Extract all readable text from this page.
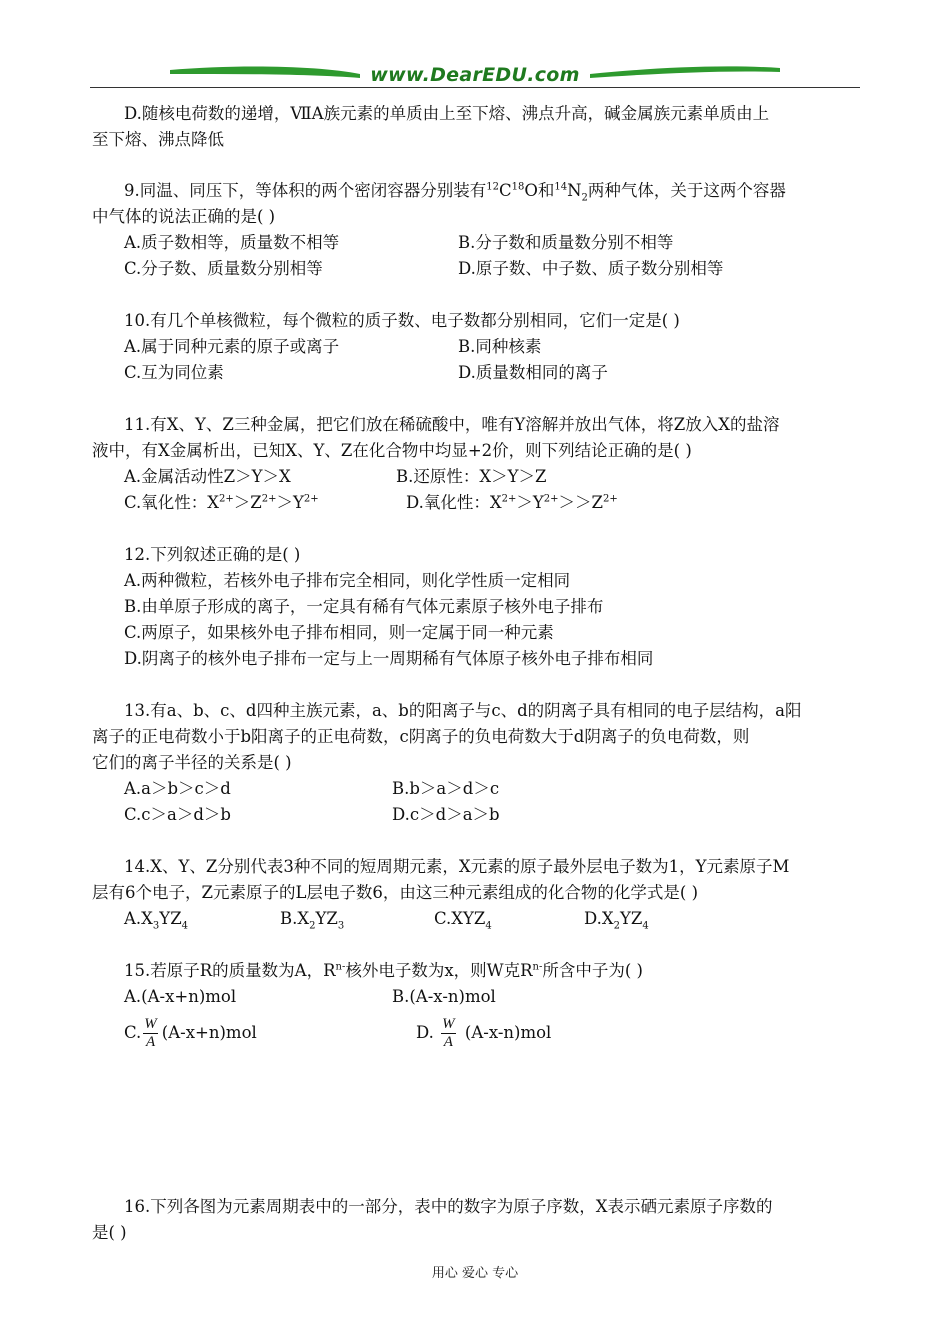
www.DearEDU.com
D.随核电荷数的递增，ⅦA族元素的单质由上至下熔、沸点升高，碱金属族元素单质由上
至下熔、沸点降低
9.同温、同压下，等体积的两个密闭容器分别装有$^{12}C^{18}O$和$^{14}N_2$两种气体，关于这两个容器
中气体的说法正确的是( )
A.质子数相等，质量数不相等	B.分子数和质量数分别不相等
C.分子数、质量数分别相等	D.原子数、中子数、质子数分别相等
10.有几个单核微粒，每个微粒的质子数、电子数都分别相同，它们一定是( )
A.属于同种元素的原子或离子	B.同种核素
C.互为同位素	D.质量数相同的离子
11.有X、Y、Z三种金属，把它们放在稀硫酸中，唯有Y溶解并放出气体，将Z放入X的盐溶
液中，有X金属析出，已知X、Y、Z在化合物中均显+2价，则下列结论正确的是( )
A.金属活动性Z＞Y＞X	B.还原性：X＞Y＞Z
C.氧化性：$X^{2+}>Z^{2+}>Y^{2+}$	D.氧化性：$X^{2+}>Y^{2+}>>Z^{2+}$
12.下列叙述正确的是( )
A.两种微粒，若核外电子排布完全相同，则化学性质一定相同
B.由单原子形成的离子，一定具有稀有气体元素原子核外电子排布
C.两原子，如果核外电子排布相同，则一定属于同一种元素
D.阴离子的核外电子排布一定与上一周期稀有气体原子核外电子排布相同
13.有a、b、c、d四种主族元素，a、b的阳离子与c、d的阴离子具有相同的电子层结构，a阳
离子的正电荷数小于b阳离子的正电荷数，c阴离子的负电荷数大于d阴离子的负电荷数，则
它们的离子半径的关系是( )
A.a＞b＞c＞d	B.b＞a＞d＞c
C.c＞a＞d＞b	D.c＞d＞a＞b
14.X、Y、Z分别代表3种不同的短周期元素，X元素的原子最外层电子数为1，Y元素原子M
层有6个电子，Z元素原子的L层电子数6，由这三种元素组成的化合物的化学式是( )
$A.X_3YZ_4$	$B.X_2YZ_3$	$C.XYZ_4$	$D.X_2YZ_4$
15.若原子R的质量数为A，$R^{n-}$核外电子数为x，则W克$R^{n-}$所含中子为( )
A.(A-x+n)mol	B.(A-x-n)mol
C. $\frac{W}{A} (A-x+n)mol$	D. $\frac{W}{A} (A-x-n)mol$
16.下列各图为元素周期表中的一部分，表中的数字为原子序数，X表示硒元素原子序数的
是( )
用心 爱心 专心
